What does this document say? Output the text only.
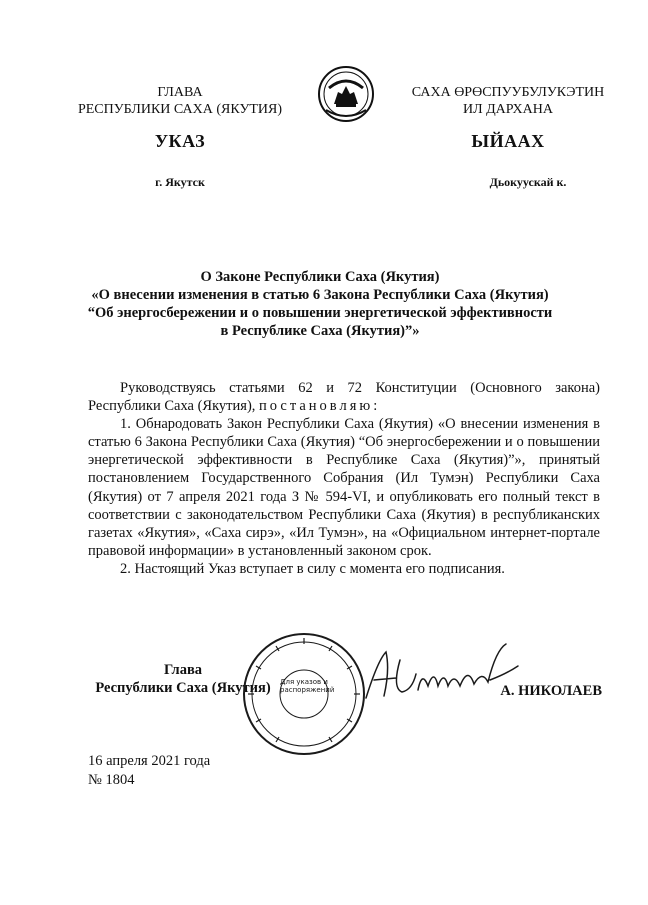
ГЛАВА
РЕСПУБЛИКИ САХА (ЯКУТИЯ)
САХА ӨРӨСПУУБУЛУКЭТИН
ИЛ ДАРХАНА
УКАЗ	ЫЙААХ
г. Якутск	Дьокуускай к.
О Законе Республики Саха (Якутия)
«О внесении изменения в статью 6 Закона Республики Саха (Якутия)
“Об энергосбережении и о повышении энергетической эффективности
в Республике Саха (Якутия)”»

Руководствуясь статьями 62 и 72 Конституции (Основного закона) Республики Саха (Якутия), постановляю:

1. Обнародовать Закон Республики Саха (Якутия) «О внесении изменения в статью 6 Закона Республики Саха (Якутия) “Об энергосбережении и о повышении энергетической эффективности в Республике Саха (Якутия)”», принятый постановлением Государственного Собрания (Ил Тумэн) Республики Саха (Якутия) от 7 апреля 2021 года З № 594-VI, и опубликовать его полный текст в соответствии с законодательством Республики Саха (Якутия) в республиканских газетах «Якутия», «Саха сирэ», «Ил Тумэн», на «Официальном интернет-портале правовой информации» в установленный законом срок.

2. Настоящий Указ вступает в силу с момента его подписания.

Глава
Республики Саха (Якутия)	Для указов и распоряжений	А. НИКОЛАЕВ
16 апреля 2021 года
№ 1804
